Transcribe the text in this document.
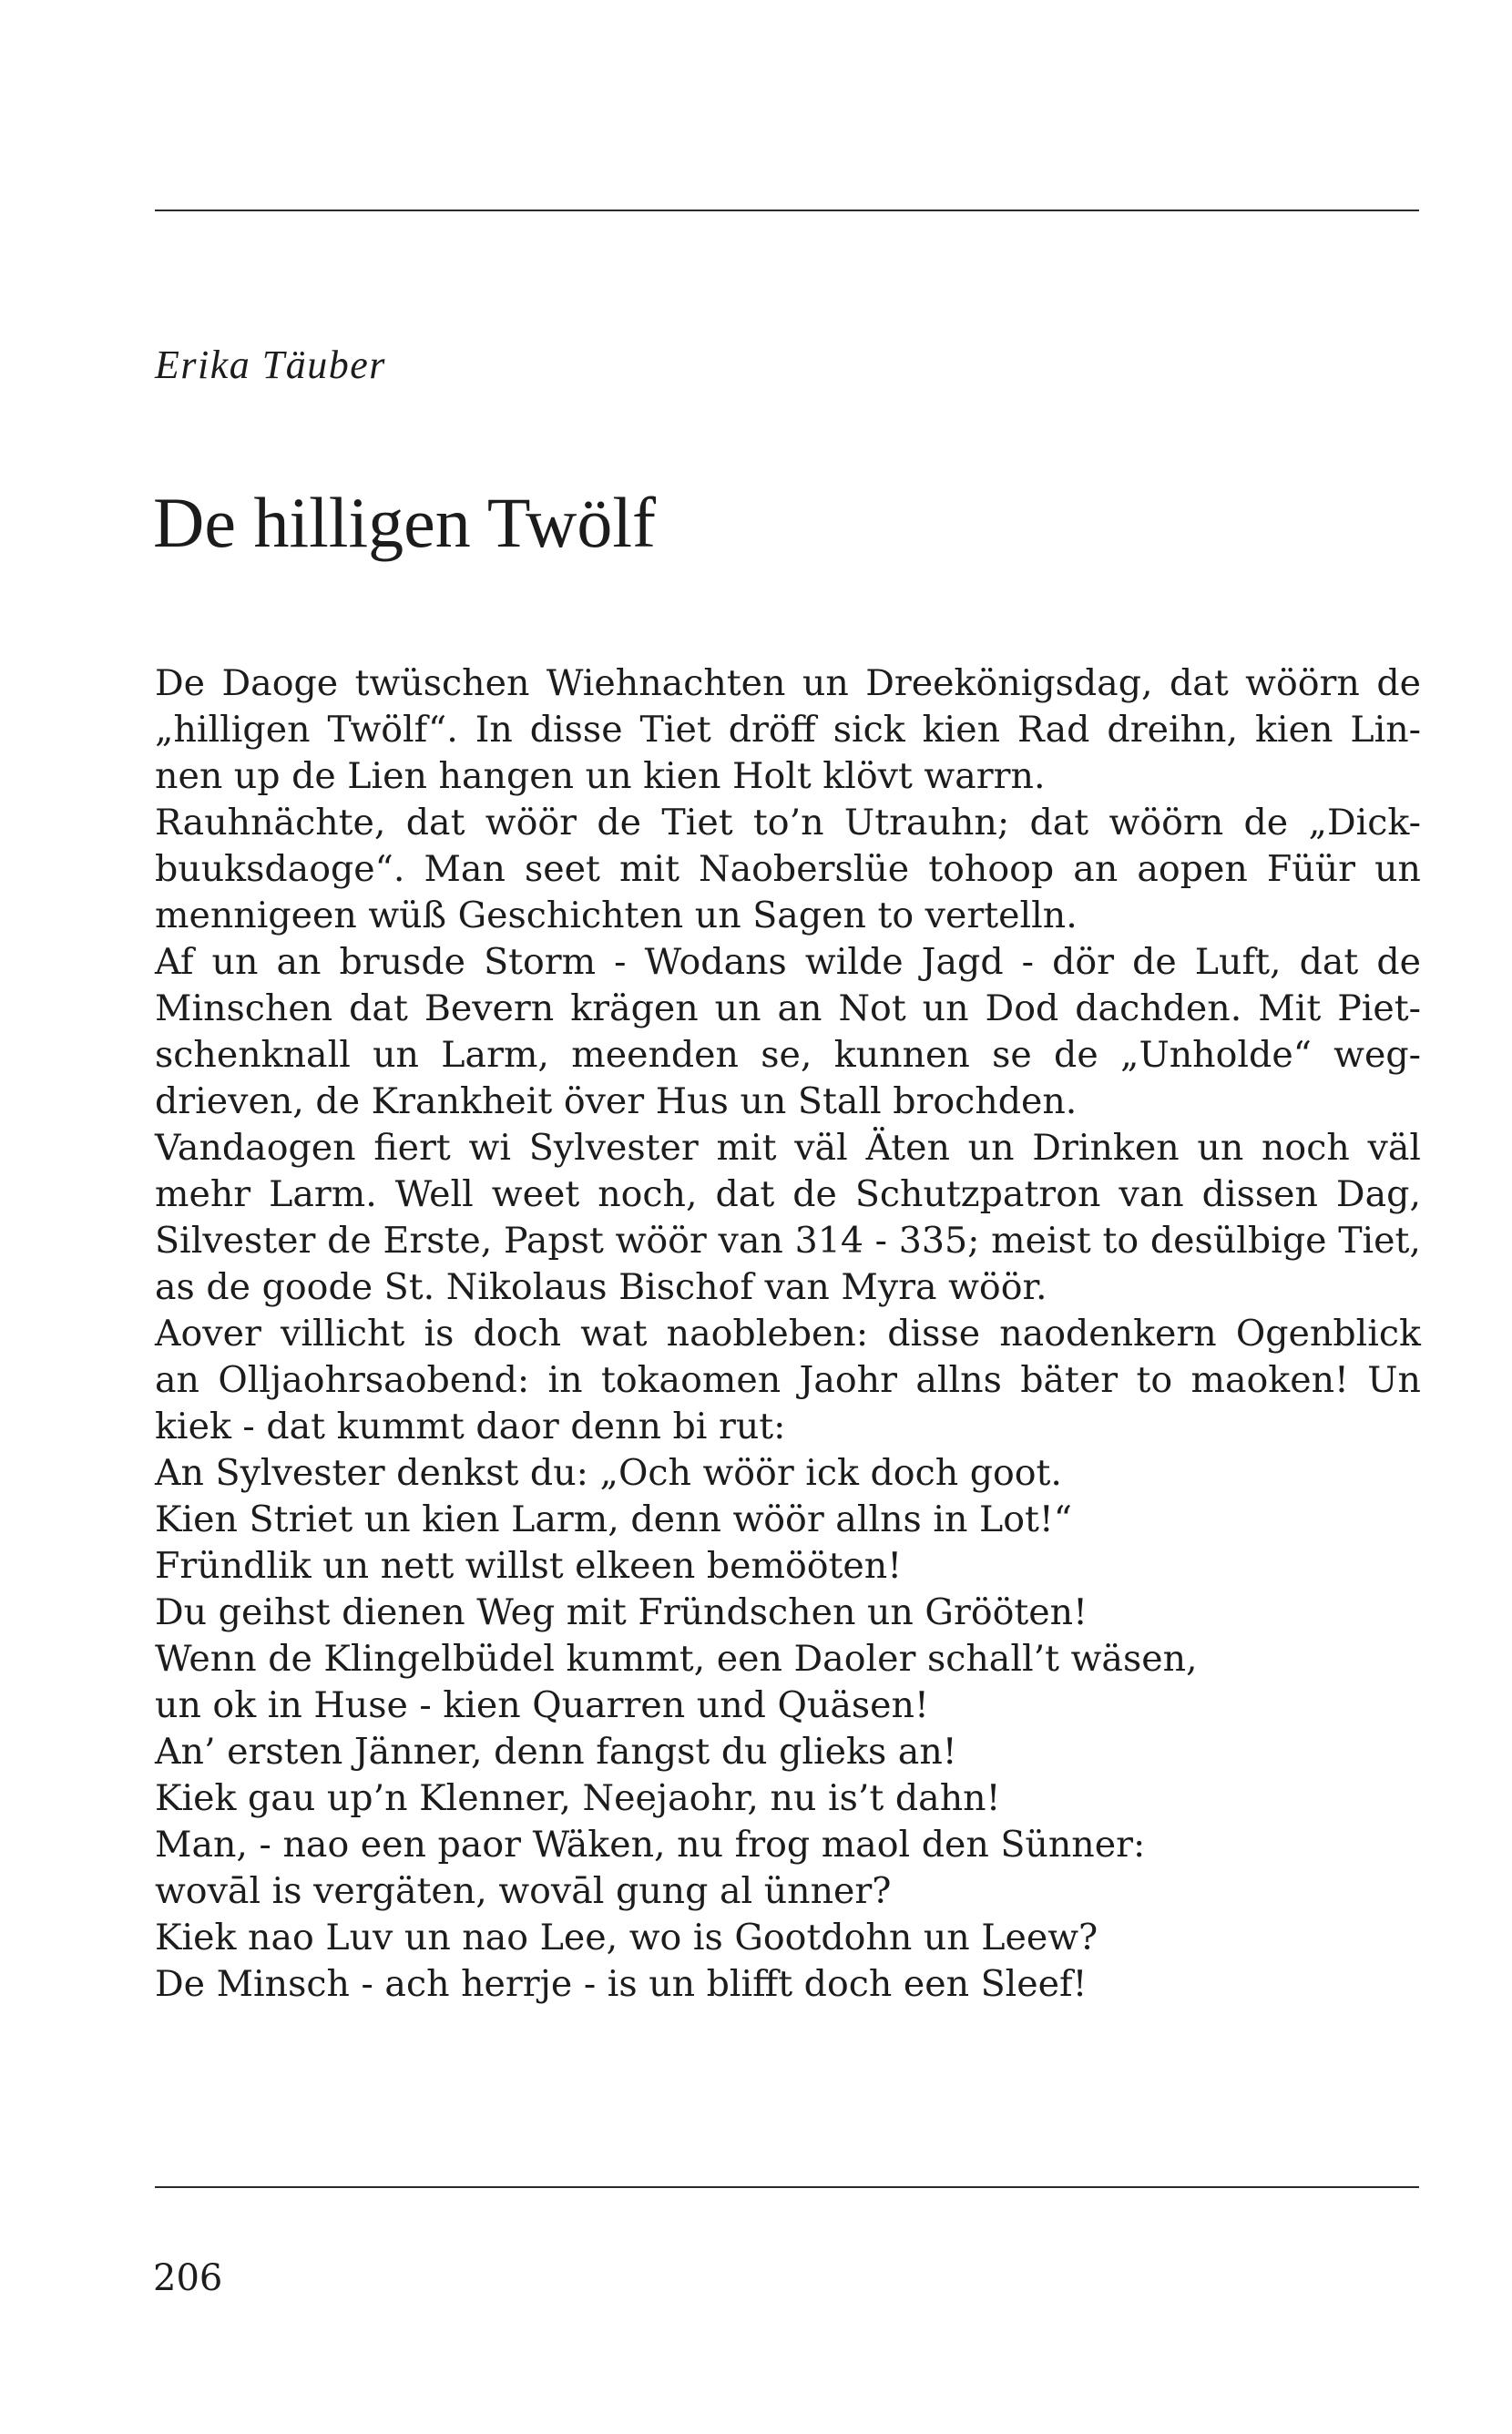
Erika Täuber
De hilligen Twölf
De Daoge twüschen Wiehnachten un Dreekönigsdag, dat wöörn de
„hilligen Twölf“. In disse Tiet dröff sick kien Rad dreihn, kien Lin-
nen up de Lien hangen un kien Holt klövt warrn.
Rauhnächte, dat wöör de Tiet to’n Utrauhn; dat wöörn de „Dick-
buuksdaoge“. Man seet mit Naoberslüe tohoop an aopen Füür un
mennigeen wüß Geschichten un Sagen to vertelln.
Af un an brusde Storm - Wodans wilde Jagd - dör de Luft, dat de
Minschen dat Bevern krägen un an Not un Dod dachden. Mit Piet-
schenknall un Larm, meenden se, kunnen se de „Unholde“ weg-
drieven, de Krankheit över Hus un Stall brochden.
Vandaogen fiert wi Sylvester mit väl Äten un Drinken un noch väl
mehr Larm. Well weet noch, dat de Schutzpatron van dissen Dag,
Silvester de Erste, Papst wöör van 314 - 335; meist to desülbige Tiet,
as de goode St. Nikolaus Bischof van Myra wöör.
Aover villicht is doch wat naobleben: disse naodenkern Ogenblick
an Olljaohrsaobend: in tokaomen Jaohr allns bäter to maoken! Un
kiek - dat kummt daor denn bi rut:
An Sylvester denkst du: „Och wöör ick doch goot.
Kien Striet un kien Larm, denn wöör allns in Lot!“
Fründlik un nett willst elkeen bemööten!
Du geihst dienen Weg mit Fründschen un Grööten!
Wenn de Klingelbüdel kummt, een Daoler schall’t wäsen,
un ok in Huse - kien Quarren und Quäsen!
An’ ersten Jänner, denn fangst du glieks an!
Kiek gau up’n Klenner, Neejaohr, nu is’t dahn!
Man, - nao een paor Wäken, nu frog maol den Sünner:
wovāl is vergäten, wovāl gung al ünner?
Kiek nao Luv un nao Lee, wo is Gootdohn un Leew?
De Minsch - ach herrje - is un blifft doch een Sleef!
206
